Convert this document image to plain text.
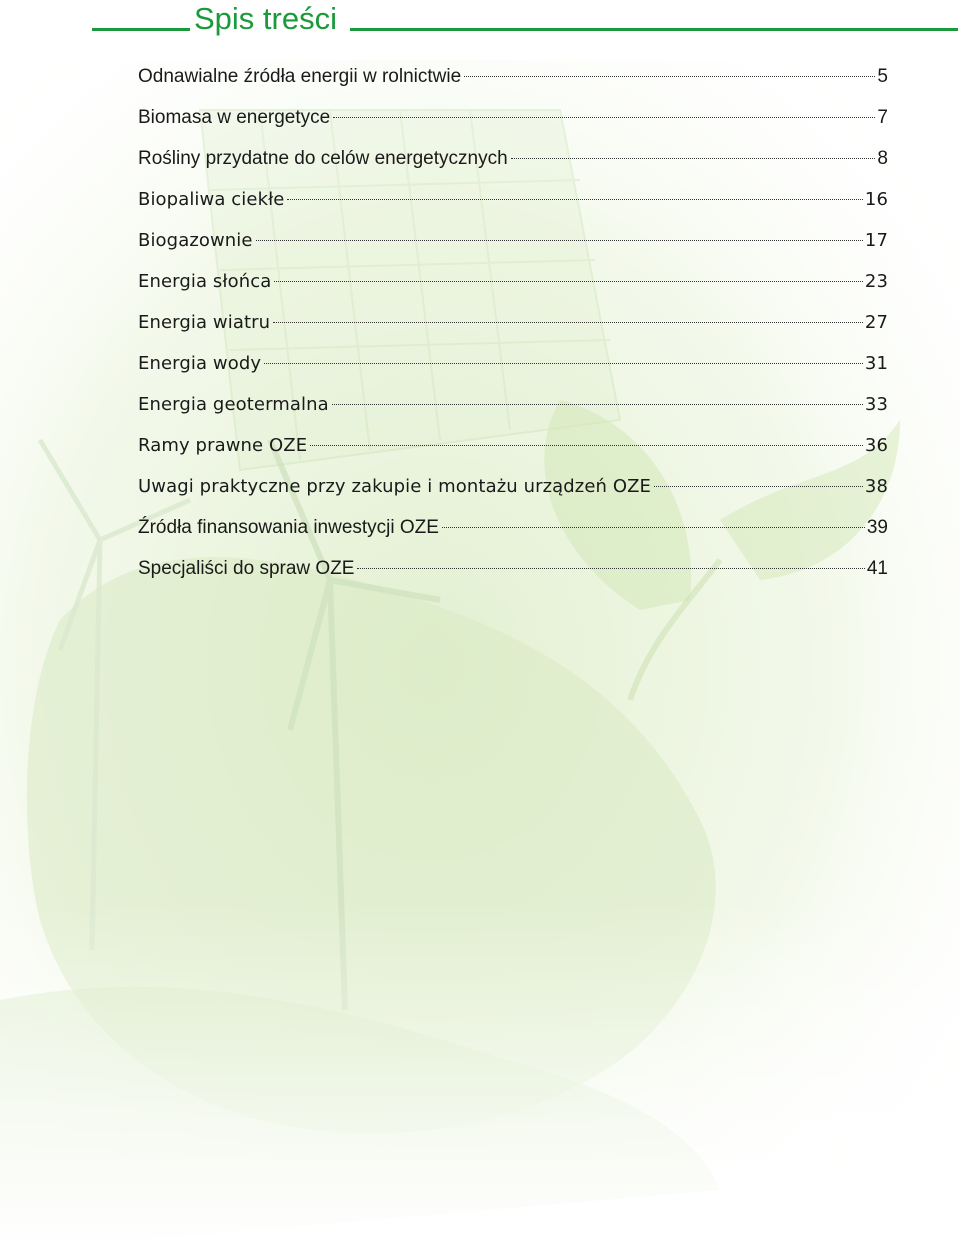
Spis treści
Odnawialne źródła energii w rolnictwie	5
Biomasa w energetyce	7
Rośliny przydatne do celów energetycznych	8
Biopaliwa ciekłe	16
Biogazownie	17
Energia słońca	23
Energia wiatru	27
Energia wody	31
Energia geotermalna	33
Ramy prawne OZE	36
Uwagi praktyczne przy zakupie i montażu urządzeń OZE	38
Źródła finansowania inwestycji OZE	39
Specjaliści do spraw OZE	41
